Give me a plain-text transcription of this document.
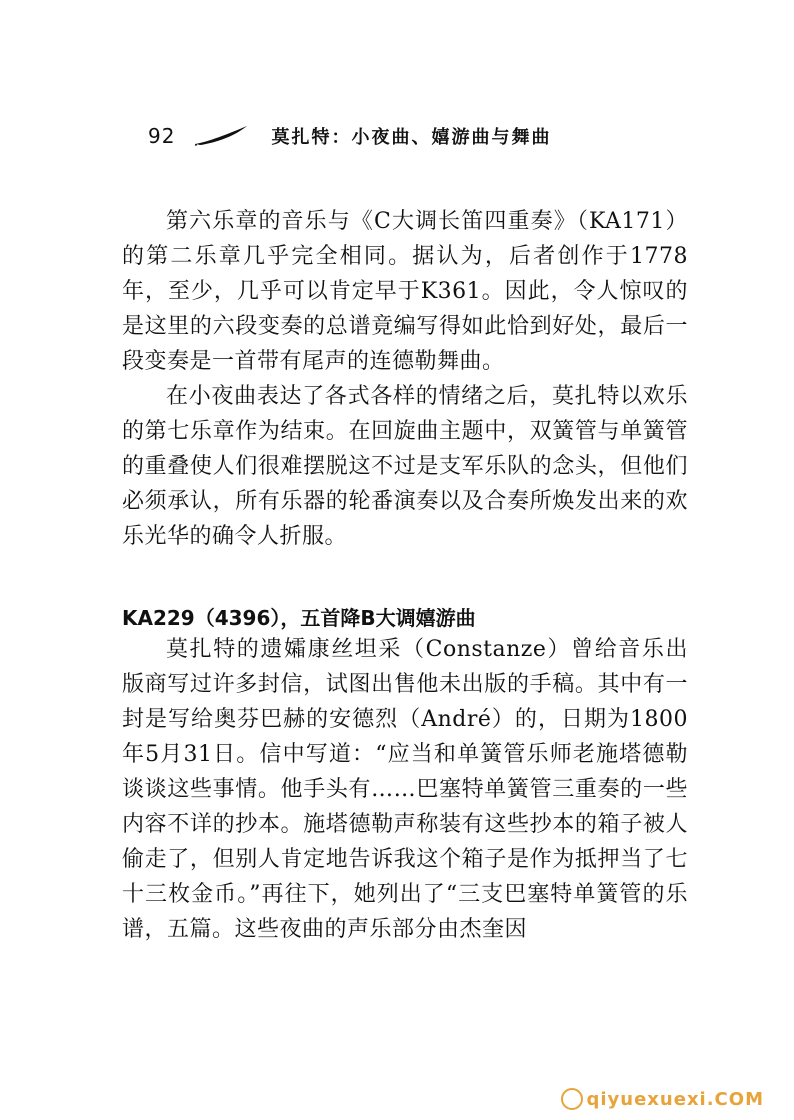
92	莫扎特：小夜曲、嬉游曲与舞曲

第六乐章的音乐与《C大调长笛四重奏》（KA171）的第二乐章几乎完全相同。据认为，后者创作于1778年，至少，几乎可以肯定早于K361。因此，令人惊叹的是这里的六段变奏的总谱竟编写得如此恰到好处，最后一段变奏是一首带有尾声的连德勒舞曲。

在小夜曲表达了各式各样的情绪之后，莫扎特以欢乐的第七乐章作为结束。在回旋曲主题中，双簧管与单簧管的重叠使人们很难摆脱这不过是支军乐队的念头，但他们必须承认，所有乐器的轮番演奏以及合奏所焕发出来的欢乐光华的确令人折服。

KA229（4396），五首降B大调嬉游曲

莫扎特的遗孀康丝坦采（Constanze）曾给音乐出版商写过许多封信，试图出售他未出版的手稿。其中有一封是写给奥芬巴赫的安德烈（André）的，日期为1800年5月31日。信中写道：“应当和单簧管乐师老施塔德勒谈谈这些事情。他手头有……巴塞特单簧管三重奏的一些内容不详的抄本。施塔德勒声称装有这些抄本的箱子被人偷走了，但别人肯定地告诉我这个箱子是作为抵押当了七十三枚金币。”再往下，她列出了“三支巴塞特单簧管的乐谱，五篇。这些夜曲的声乐部分由杰奎因

qiyuexuexi.COM
